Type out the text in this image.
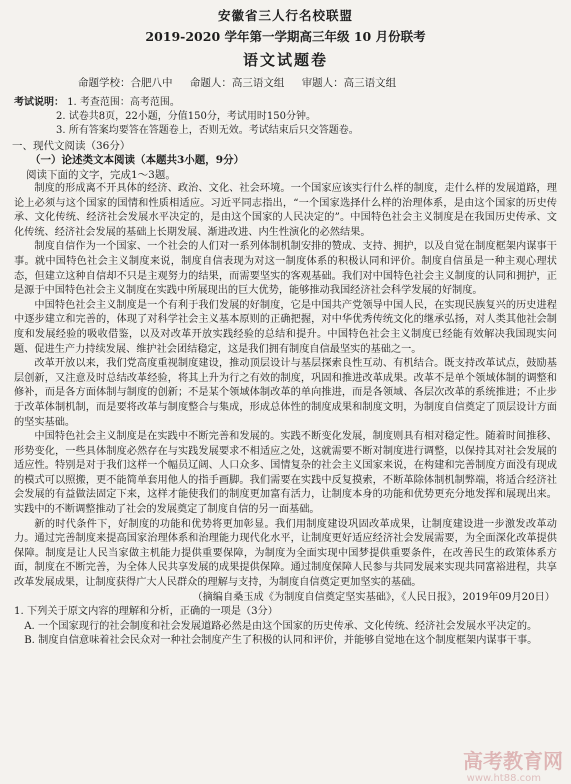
安徽省三人行名校联盟
2019-2020 学年第一学期高三年级 10 月份联考
语文试题卷
命题学校：合肥八中 命题人：高三语文组 审题人：高三语文组
考试说明： 1. 考查范围：高考范围。
2. 试卷共8页，22小题，分值150分，考试用时150分钟。
3. 所有答案均要答在答题卷上，否则无效。考试结束后只交答题卷。
一、现代文阅读（36分）
（一）论述类文本阅读（本题共3小题，9分）
阅读下面的文字，完成1～3题。
制度的形成离不开具体的经济、政治、文化、社会环境。一个国家应该实行什么样的制度，走什么样的发展道路，理论上必须与这个国家的国情和性质相适应。习近平同志指出，“一个国家选择什么样的治理体系，是由这个国家的历史传承、文化传统、经济社会发展水平决定的，是由这个国家的人民决定的”。中国特色社会主义制度是在我国历史传承、文化传统、经济社会发展的基础上长期发展、渐进改进、内生性演化的必然结果。
制度自信作为一个国家、一个社会的人们对一系列体制机制安排的赞成、支持、拥护，以及自觉在制度框架内谋事干事。就中国特色社会主义制度来说，制度自信表现为对这一制度体系的积极认同和评价。制度自信虽是一种主观心理状态，但建立这种自信却不只是主观努力的结果，而需要坚实的客观基础。我们对中国特色社会主义制度的认同和拥护，正是源于中国特色社会主义制度在实践中所展现出的巨大优势，能够推动我国经济社会科学发展的好制度。
中国特色社会主义制度是一个有利于我们发展的好制度，它是中国共产党领导中国人民，在实现民族复兴的历史进程中逐步建立和完善的，体现了对科学社会主义基本原则的正确把握，对中华优秀传统文化的继承弘扬，对人类其他社会制度和发展经验的吸收借鉴，以及对改革开放实践经验的总结和提升。中国特色社会主义制度已经能有效解决我国现实问题、促进生产力持续发展、维护社会团结稳定，这是我们拥有制度自信最坚实的基础之一。
改革开放以来，我们党高度重视制度建设，推动顶层设计与基层探索良性互动、有机结合。既支持改革试点，鼓励基层创新，又注意及时总结改革经验，将其上升为行之有效的制度，巩固和推进改革成果。改革不是单个领域体制的调整和修补，而是各方面体制与制度的创新；不是某个领域体制改革的单向推进，而是各领域、各层次改革的系统推进；不止步于改革体制机制，而是要将改革与制度整合与集成，形成总体性的制度成果和制度文明，为制度自信奠定了顶层设计方面的坚实基础。
中国特色社会主义制度是在实践中不断完善和发展的。实践不断变化发展，制度则具有相对稳定性。随着时间推移、形势变化，一些具体制度必然存在与实践发展要求不相适应之处，这就需要不断对制度进行调整，以保持其对社会发展的适应性。特别是对于我们这样一个幅员辽阔、人口众多、国情复杂的社会主义国家来说，在构建和完善制度方面没有现成的模式可以照搬，更不能简单套用他人的指手画脚。我们需要在实践中反复摸索，不断革除体制机制弊端，将适合经济社会发展的有益做法固定下来，这样才能使我们的制度更加富有活力，让制度本身的功能和优势更充分地发挥和展现出来。实践中的不断调整推动了社会的发展奠定了制度自信的另一面基础。
新的时代条件下，好制度的功能和优势将更加彰显。我们用制度建设巩固改革成果，让制度建设进一步激发改革动力。通过完善制度来提高国家治理体系和治理能力现代化水平，让制度更好适应经济社会发展需要，为全面深化改革提供保障。制度是让人民当家做主机能力提供重要保障，为制度为全面实现中国梦提供重要条件，在改善民生的政策体系方面，制度在不断完善，为全体人民共享发展的成果提供保障。通过制度保障人民参与共同发展来实现共同富裕进程，共享改革发展成果，让制度获得广大人民群众的理解与支持，为制度自信奠定更加坚实的基础。
（摘编自桑玉成《为制度自信奠定坚实基础》，《人民日报》，2019年09月20日）
1. 下列关于原文内容的理解和分析，正确的一项是（3分）
A. 一个国家现行的社会制度和社会发展道路必然是由这个国家的历史传承、文化传统、经济社会发展水平决定的。
B. 制度自信意味着社会民众对一种社会制度产生了积极的认同和评价，并能够自觉地在这个制度框架内谋事干事。
高考教育网
www.ht88.com
